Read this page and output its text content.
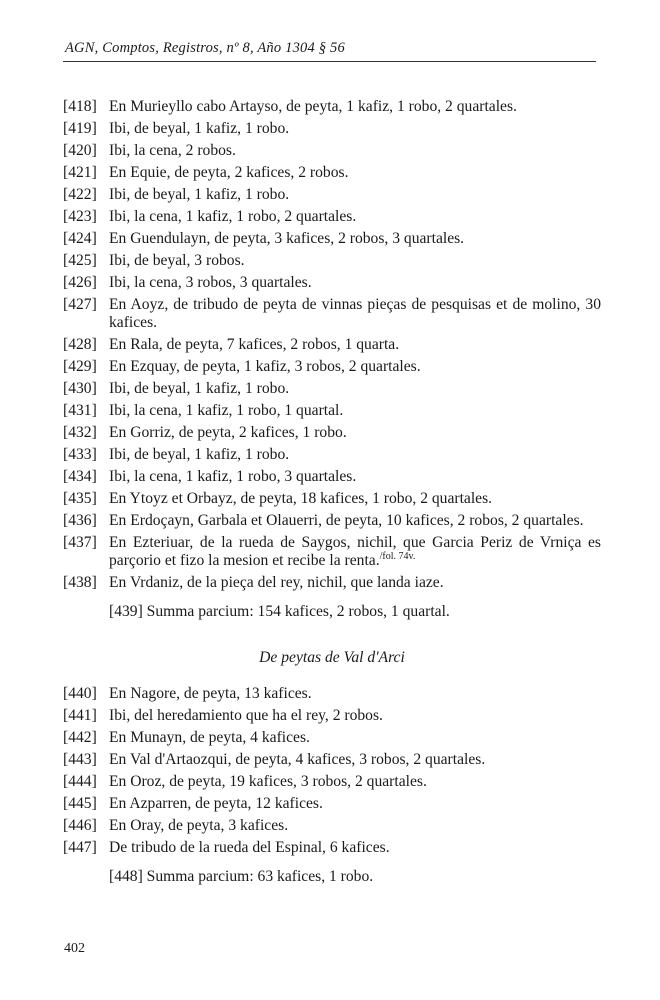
AGN, Comptos, Registros, nº 8, Año 1304 § 56
[418] En Murieyllo cabo Artayso, de peyta, 1 kafiz, 1 robo, 2 quartales.
[419] Ibi, de beyal, 1 kafiz, 1 robo.
[420] Ibi, la cena, 2 robos.
[421] En Equie, de peyta, 2 kafices, 2 robos.
[422] Ibi, de beyal, 1 kafiz, 1 robo.
[423] Ibi, la cena, 1 kafiz, 1 robo, 2 quartales.
[424] En Guendulayn, de peyta, 3 kafices, 2 robos, 3 quartales.
[425] Ibi, de beyal, 3 robos.
[426] Ibi, la cena, 3 robos, 3 quartales.
[427] En Aoyz, de tribudo de peyta de vinnas pieças de pesquisas et de molino, 30 kafices.
[428] En Rala, de peyta, 7 kafices, 2 robos, 1 quarta.
[429] En Ezquay, de peyta, 1 kafiz, 3 robos, 2 quartales.
[430] Ibi, de beyal, 1 kafiz, 1 robo.
[431] Ibi, la cena, 1 kafiz, 1 robo, 1 quartal.
[432] En Gorriz, de peyta, 2 kafices, 1 robo.
[433] Ibi, de beyal, 1 kafiz, 1 robo.
[434] Ibi, la cena, 1 kafiz, 1 robo, 3 quartales.
[435] En Ytoyz et Orbayz, de peyta, 18 kafices, 1 robo, 2 quartales.
[436] En Erdoçayn, Garbala et Olauerri, de peyta, 10 kafices, 2 robos, 2 quartales.
[437] En Ezteriuar, de la rueda de Saygos, nichil, que Garcia Periz de Vrniça es parçorio et fizo la mesion et recibe la renta.$^{/fol. 74v.}$
[438] En Vrdaniz, de la pieça del rey, nichil, que landa iaze.
[439] Summa parcium: 154 kafices, 2 robos, 1 quartal.
De peytas de Val d'Arci
[440] En Nagore, de peyta, 13 kafices.
[441] Ibi, del heredamiento que ha el rey, 2 robos.
[442] En Munayn, de peyta, 4 kafices.
[443] En Val d'Artaozqui, de peyta, 4 kafices, 3 robos, 2 quartales.
[444] En Oroz, de peyta, 19 kafices, 3 robos, 2 quartales.
[445] En Azparren, de peyta, 12 kafices.
[446] En Oray, de peyta, 3 kafices.
[447] De tribudo de la rueda del Espinal, 6 kafices.
[448] Summa parcium: 63 kafices, 1 robo.
402
